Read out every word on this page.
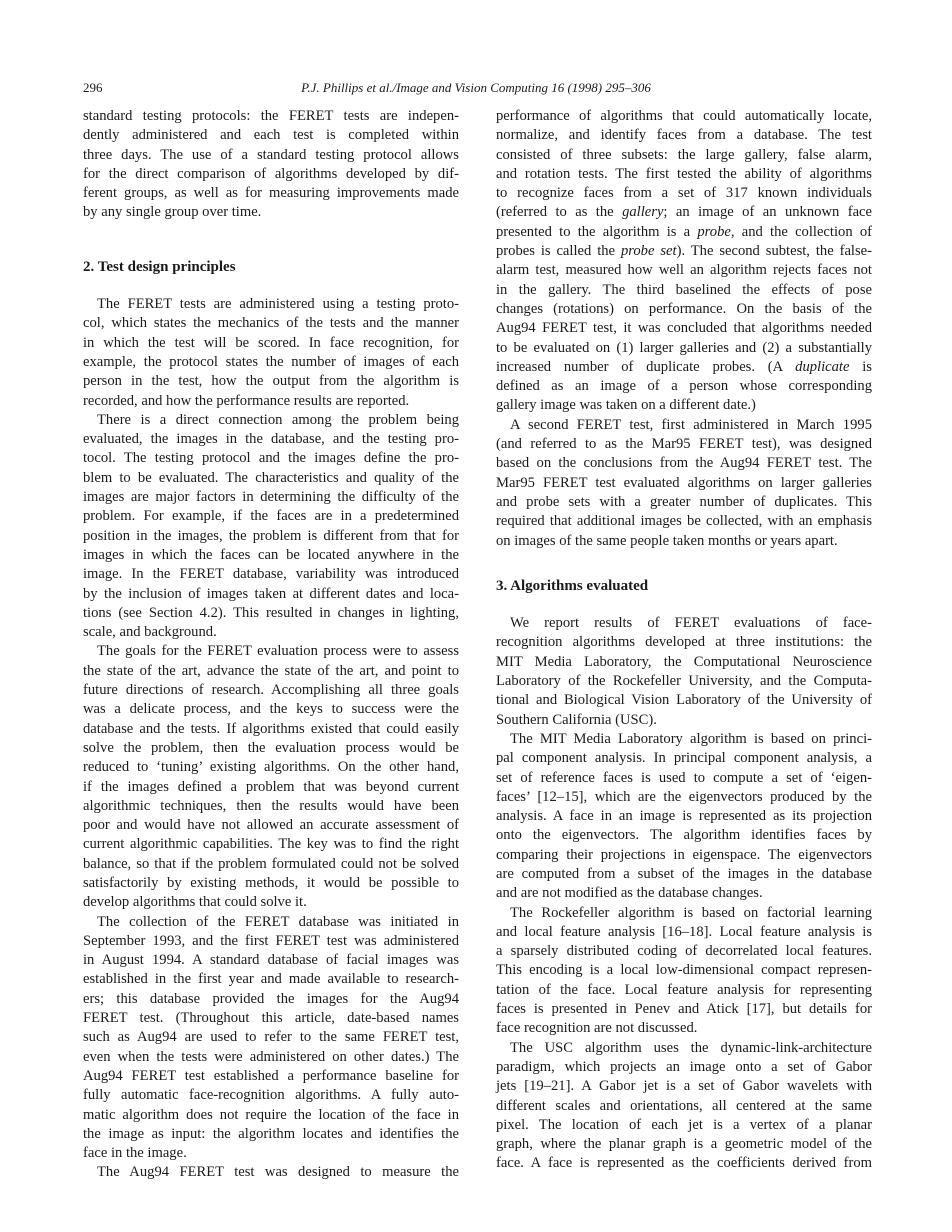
296	P.J. Phillips et al./Image and Vision Computing 16 (1998) 295–306
standard testing protocols: the FERET tests are indepen-
dently administered and each test is completed within
three days. The use of a standard testing protocol allows
for the direct comparison of algorithms developed by dif-
ferent groups, as well as for measuring improvements made
by any single group over time.
2. Test design principles
The FERET tests are administered using a testing proto-
col, which states the mechanics of the tests and the manner
in which the test will be scored. In face recognition, for
example, the protocol states the number of images of each
person in the test, how the output from the algorithm is
recorded, and how the performance results are reported.
There is a direct connection among the problem being
evaluated, the images in the database, and the testing pro-
tocol. The testing protocol and the images define the pro-
blem to be evaluated. The characteristics and quality of the
images are major factors in determining the difficulty of the
problem. For example, if the faces are in a predetermined
position in the images, the problem is different from that for
images in which the faces can be located anywhere in the
image. In the FERET database, variability was introduced
by the inclusion of images taken at different dates and loca-
tions (see Section 4.2). This resulted in changes in lighting,
scale, and background.
The goals for the FERET evaluation process were to assess
the state of the art, advance the state of the art, and point to
future directions of research. Accomplishing all three goals
was a delicate process, and the keys to success were the
database and the tests. If algorithms existed that could easily
solve the problem, then the evaluation process would be
reduced to ‘tuning’ existing algorithms. On the other hand,
if the images defined a problem that was beyond current
algorithmic techniques, then the results would have been
poor and would have not allowed an accurate assessment of
current algorithmic capabilities. The key was to find the right
balance, so that if the problem formulated could not be solved
satisfactorily by existing methods, it would be possible to
develop algorithms that could solve it.
The collection of the FERET database was initiated in
September 1993, and the first FERET test was administered
in August 1994. A standard database of facial images was
established in the first year and made available to research-
ers; this database provided the images for the Aug94
FERET test. (Throughout this article, date-based names
such as Aug94 are used to refer to the same FERET test,
even when the tests were administered on other dates.) The
Aug94 FERET test established a performance baseline for
fully automatic face-recognition algorithms. A fully auto-
matic algorithm does not require the location of the face in
the image as input: the algorithm locates and identifies the
face in the image.
The Aug94 FERET test was designed to measure the
performance of algorithms that could automatically locate,
normalize, and identify faces from a database. The test
consisted of three subsets: the large gallery, false alarm,
and rotation tests. The first tested the ability of algorithms
to recognize faces from a set of 317 known individuals
(referred to as the gallery; an image of an unknown face
presented to the algorithm is a probe, and the collection of
probes is called the probe set). The second subtest, the false-
alarm test, measured how well an algorithm rejects faces not
in the gallery. The third baselined the effects of pose
changes (rotations) on performance. On the basis of the
Aug94 FERET test, it was concluded that algorithms needed
to be evaluated on (1) larger galleries and (2) a substantially
increased number of duplicate probes. (A duplicate is
defined as an image of a person whose corresponding
gallery image was taken on a different date.)
A second FERET test, first administered in March 1995
(and referred to as the Mar95 FERET test), was designed
based on the conclusions from the Aug94 FERET test. The
Mar95 FERET test evaluated algorithms on larger galleries
and probe sets with a greater number of duplicates. This
required that additional images be collected, with an emphasis
on images of the same people taken months or years apart.
3. Algorithms evaluated
We report results of FERET evaluations of face-
recognition algorithms developed at three institutions: the
MIT Media Laboratory, the Computational Neuroscience
Laboratory of the Rockefeller University, and the Computa-
tional and Biological Vision Laboratory of the University of
Southern California (USC).
The MIT Media Laboratory algorithm is based on princi-
pal component analysis. In principal component analysis, a
set of reference faces is used to compute a set of ‘eigen-
faces’ [12–15], which are the eigenvectors produced by the
analysis. A face in an image is represented as its projection
onto the eigenvectors. The algorithm identifies faces by
comparing their projections in eigenspace. The eigenvectors
are computed from a subset of the images in the database
and are not modified as the database changes.
The Rockefeller algorithm is based on factorial learning
and local feature analysis [16–18]. Local feature analysis is
a sparsely distributed coding of decorrelated local features.
This encoding is a local low-dimensional compact represen-
tation of the face. Local feature analysis for representing
faces is presented in Penev and Atick [17], but details for
face recognition are not discussed.
The USC algorithm uses the dynamic-link-architecture
paradigm, which projects an image onto a set of Gabor
jets [19–21]. A Gabor jet is a set of Gabor wavelets with
different scales and orientations, all centered at the same
pixel. The location of each jet is a vertex of a planar
graph, where the planar graph is a geometric model of the
face. A face is represented as the coefficients derived from
